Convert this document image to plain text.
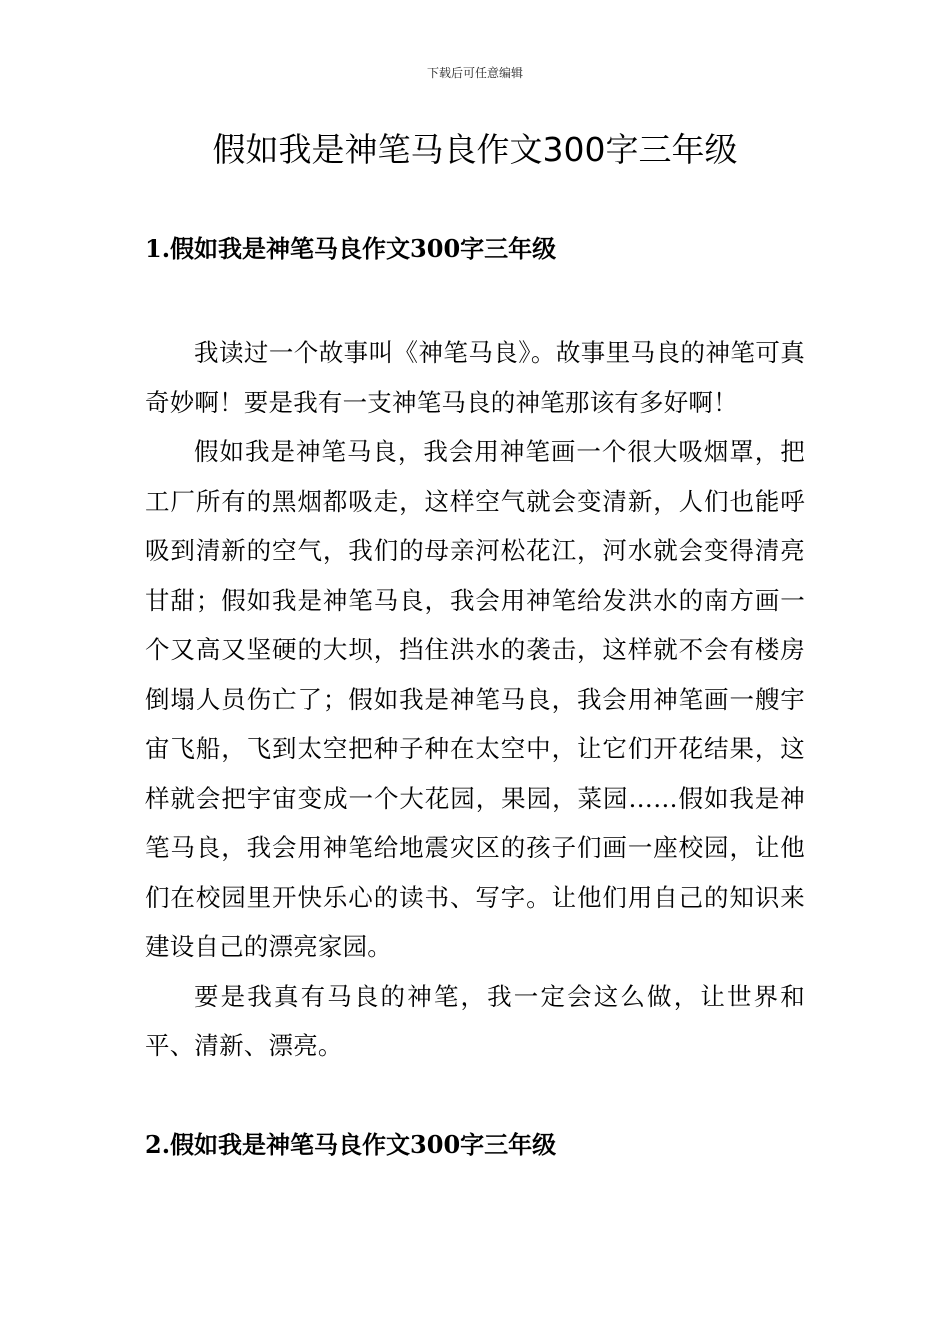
下载后可任意编辑
假如我是神笔马良作文300字三年级
1.假如我是神笔马良作文300字三年级

我读过一个故事叫《神笔马良》。故事里马良的神笔可真奇妙啊！要是我有一支神笔马良的神笔那该有多好啊！

假如我是神笔马良，我会用神笔画一个很大吸烟罩，把工厂所有的黑烟都吸走，这样空气就会变清新，人们也能呼吸到清新的空气，我们的母亲河松花江，河水就会变得清亮甘甜；假如我是神笔马良，我会用神笔给发洪水的南方画一个又高又坚硬的大坝，挡住洪水的袭击，这样就不会有楼房倒塌人员伤亡了；假如我是神笔马良，我会用神笔画一艘宇宙飞船，飞到太空把种子种在太空中，让它们开花结果，这样就会把宇宙变成一个大花园，果园，菜园……假如我是神笔马良，我会用神笔给地震灾区的孩子们画一座校园，让他们在校园里开快乐心的读书、写字。让他们用自己的知识来建设自己的漂亮家园。

要是我真有马良的神笔，我一定会这么做，让世界和平、清新、漂亮。

2.假如我是神笔马良作文300字三年级
